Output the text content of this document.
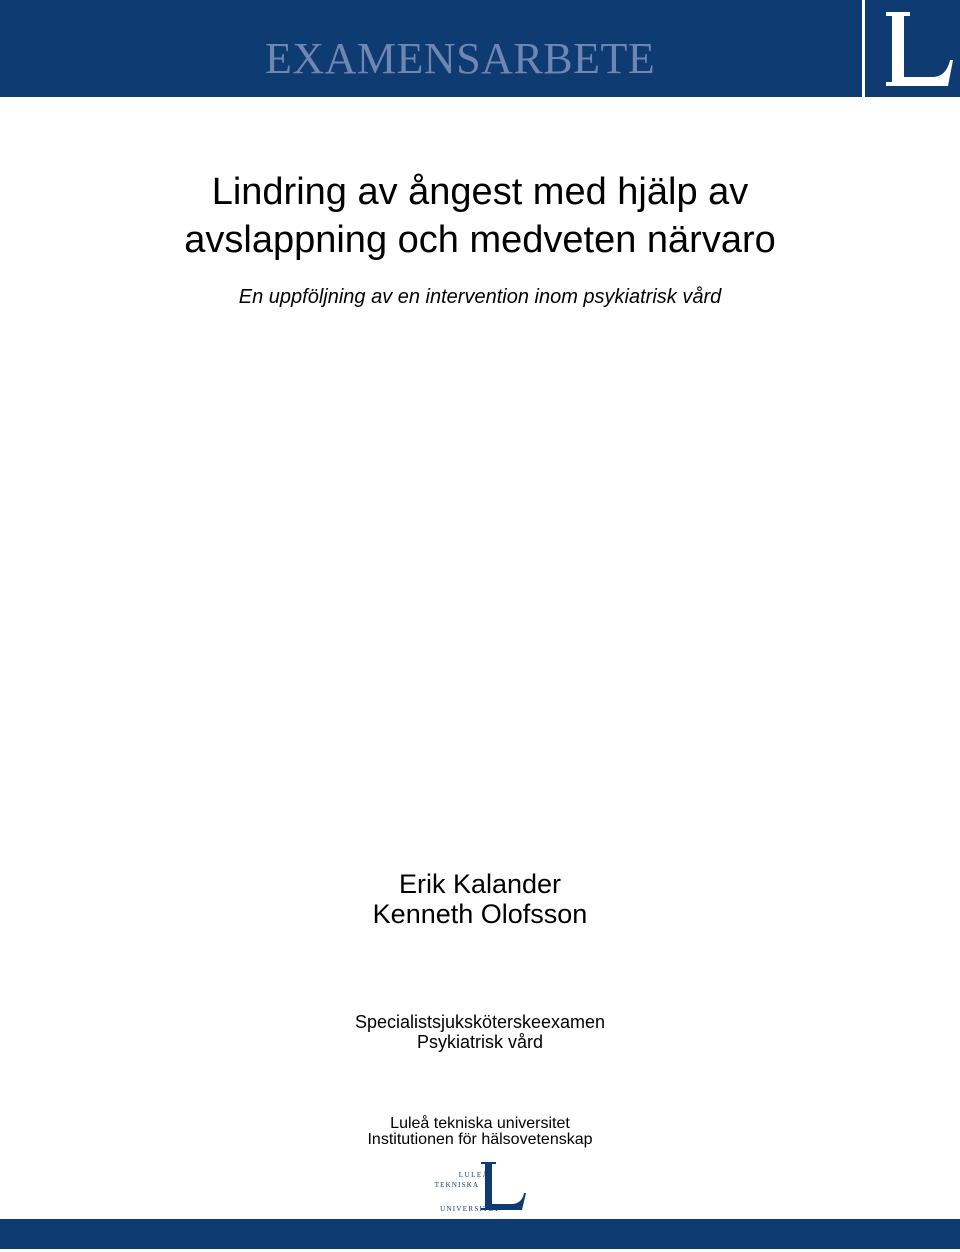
EXAMENSARBETE
Lindring av ångest med hjälp av
avslappning och medveten närvaro
En uppföljning av en intervention inom psykiatrisk vård
Erik Kalander
Kenneth Olofsson
Specialistsjuksköterskeexamen
Psykiatrisk vård
Luleå tekniska universitet
Institutionen för hälsovetenskap
LULEÅ
TEKNISKA
UNIVERSITET
